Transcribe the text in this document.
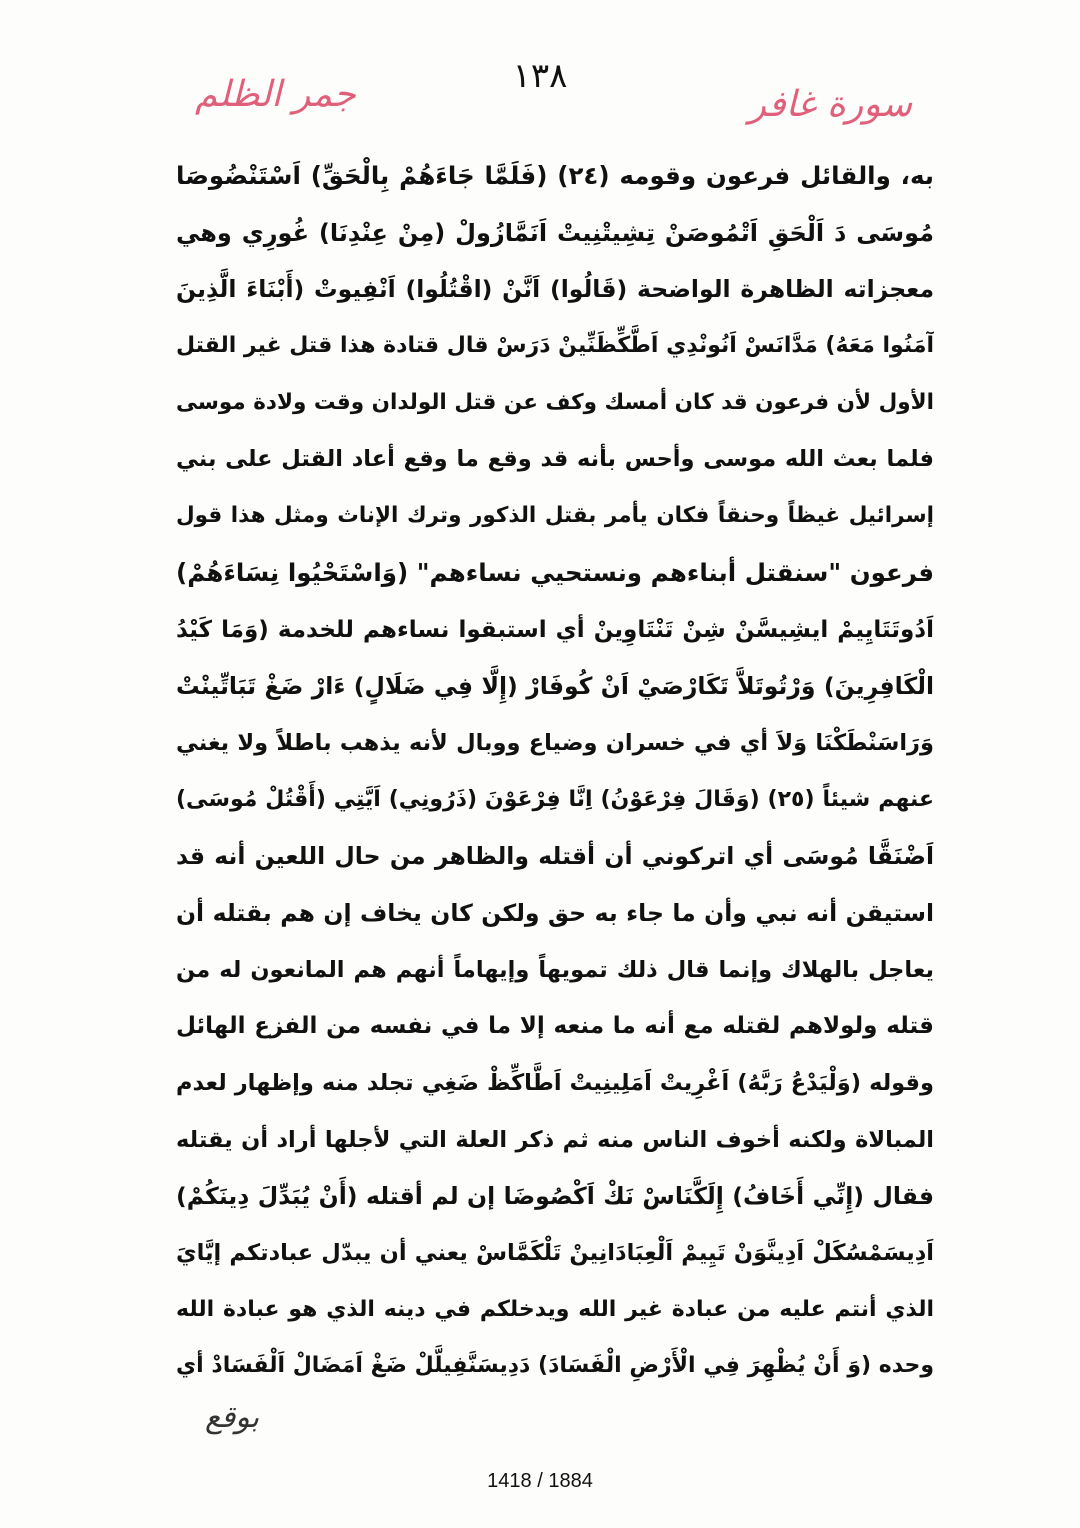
جمر الظلم	١٣٨
سورة غافر
به، والقائل فرعون وقومه (٢٤) (فَلَمَّا جَاءَهُمْ بِالْحَقِّ) اَسْتَنْضُوصَا
مُوسَى دَ اَلْحَقِ اَتْمُوصَنْ تِشِيتْنِيتْ اَنَمَّازُولْ (مِنْ عِنْدِنَا) غُورِي وهي
معجزاته الظاهرة الواضحة (قَالُوا) اَنَّنْ (اقْتُلُوا) اَنْفِيوتْ (أَبْنَاءَ الَّذِينَ
آمَنُوا مَعَهُ) مَدَّانَسْ اَنُونْدِي اَطَّكِّظَنِّينْ دَرَسْ قال قتادة هذا قتل غير القتل
الأول لأن فرعون قد كان أمسك وكف عن قتل الولدان وقت ولادة موسى
فلما بعث الله موسى وأحس بأنه قد وقع ما وقع أعاد القتل على بني
إسرائيل غيظاً وحنقاً فكان يأمر بقتل الذكور وترك الإناث ومثل هذا قول
فرعون "سنقتل أبناءهم ونستحيي نساءهم" (وَاسْتَحْيُوا نِسَاءَهُمْ)
اَدُوتَتَايِيمْ ايشِيسَّنْ شِنْ تَنْتَاوِينْ أي استبقوا نساءهم للخدمة (وَمَا كَيْدُ
الْكَافِرِينَ) وَرْتُوتَلاَّ تَكَارْصَيْ اَنْ كُوفَارْ (إِلَّا فِي ضَلَالٍ) ءَارْ ضَغْ تَبَاتِّينْتْ
وَرَاسَنْطَكْنَا وَلاَ أي في خسران وضياع ووبال لأنه يذهب باطلاً ولا يغني
عنهم شيئاً (٢٥) (وَقَالَ فِرْعَوْنُ) اِنَّا فِرْعَوْنَ (ذَرُونِي) اَيَّتِي (أَقْتُلْ مُوسَى)
اَضْنَقَّا مُوسَى أي اتركوني أن أقتله والظاهر من حال اللعين أنه قد
استيقن أنه نبي وأن ما جاء به حق ولكن كان يخاف إن هم بقتله أن
يعاجل بالهلاك وإنما قال ذلك تمويهاً وإيهاماً أنهم هم المانعون له من
قتله ولولاهم لقتله مع أنه ما منعه إلا ما في نفسه من الفزع الهائل
وقوله (وَلْيَدْعُ رَبَّهُ) اَغْرِيتْ اَمَلِينِيتْ اَطَّاكِّظْ ضَغِي تجلد منه وإظهار لعدم
المبالاة ولكنه أخوف الناس منه ثم ذكر العلة التي لأجلها أراد أن يقتله
فقال (إِنِّي أَخَافُ) إِلَكَّنَاسْ نَكْ اَكْصُوضَا إن لم أقتله (أَنْ يُبَدِّلَ دِينَكُمْ)
اَدِيسَمْسُكَلْ اَدِينَّوَنْ تَيِيمْ اَلْعِبَادَانِينْ تَلْكَمَّاسْ يعني أن يبدّل عبادتكم إيَّايَ
الذي أنتم عليه من عبادة غير الله ويدخلكم في دينه الذي هو عبادة الله
وحده (وَ أَنْ يُظْهِرَ فِي الْأَرْضِ الْفَسَادَ) دَدِيسَنَّفِيلَّلْ ضَغْ اَمَضَالْ اَلْفَسَادْ أي
بوقع
1418 / 1884
